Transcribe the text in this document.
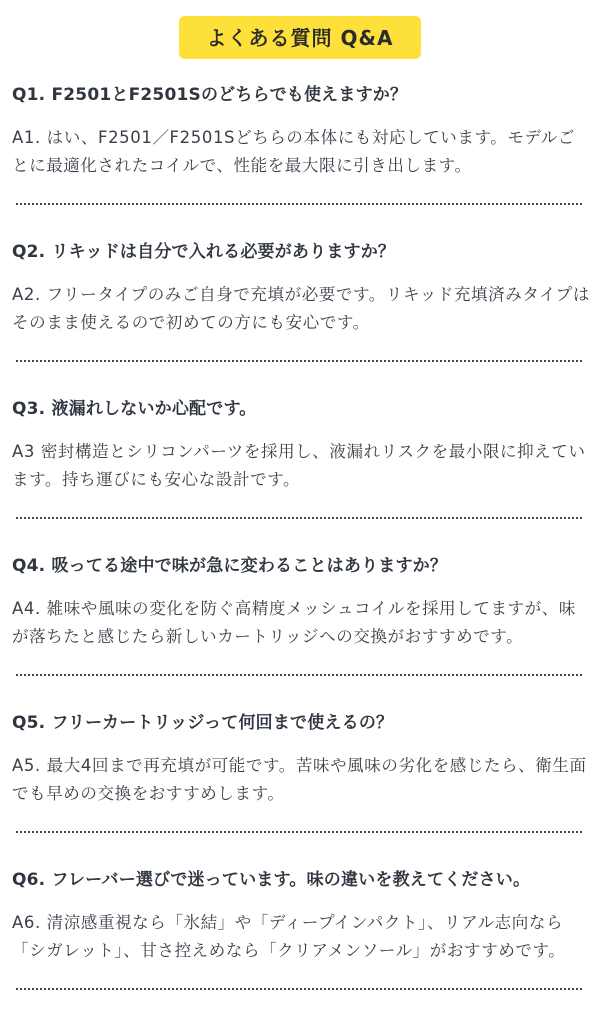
よくある質問 Q&A
Q1. F2501とF2501Sのどちらでも使えますか？
A1. はい、F2501／F2501Sどちらの本体にも対応しています。モデルごとに最適化されたコイルで、性能を最大限に引き出します。
Q2. リキッドは自分で入れる必要がありますか？
A2. フリータイプのみご自身で充填が必要です。リキッド充填済みタイプはそのまま使えるので初めての方にも安心です。
Q3. 液漏れしないか心配です。
A3 密封構造とシリコンパーツを採用し、液漏れリスクを最小限に抑えています。持ち運びにも安心な設計です。
Q4. 吸ってる途中で味が急に変わることはありますか？
A4. 雑味や風味の変化を防ぐ高精度メッシュコイルを採用してますが、味が落ちたと感じたら新しいカートリッジへの交換がおすすめです。
Q5. フリーカートリッジって何回まで使えるの？
A5. 最大4回まで再充填が可能です。苦味や風味の劣化を感じたら、衛生面でも早めの交換をおすすめします。
Q6. フレーバー選びで迷っています。味の違いを教えてください。
A6. 清涼感重視なら「氷結」や「ディープインパクト」、リアル志向なら「シガレット」、甘さ控えめなら「クリアメンソール」がおすすめです。
